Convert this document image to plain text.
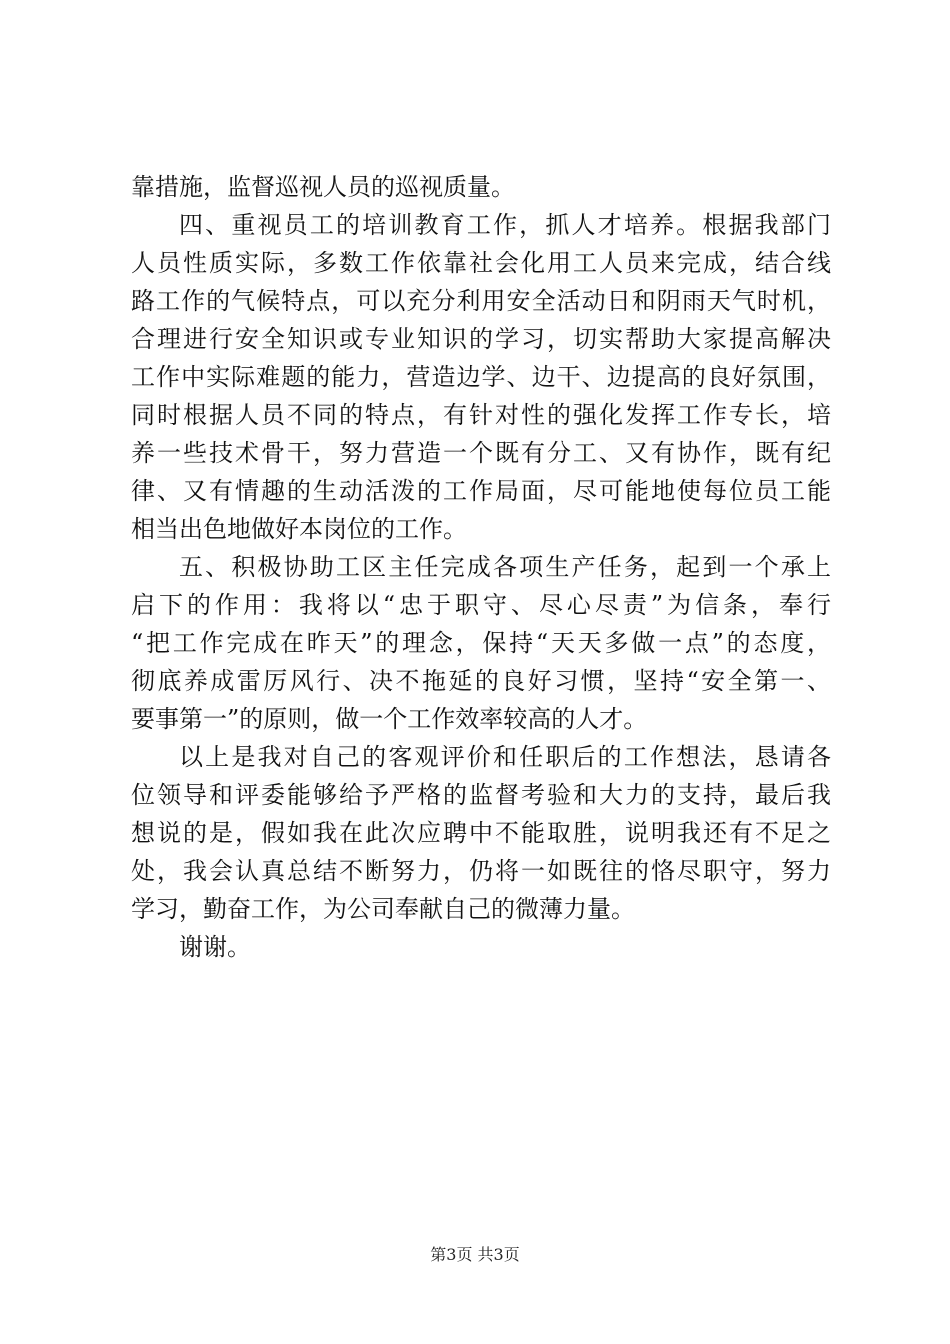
靠措施，监督巡视人员的巡视质量。
四、重视员工的培训教育工作，抓人才培养。根据我部门
人员性质实际，多数工作依靠社会化用工人员来完成，结合线
路工作的气候特点，可以充分利用安全活动日和阴雨天气时机，
合理进行安全知识或专业知识的学习，切实帮助大家提高解决
工作中实际难题的能力，营造边学、边干、边提高的良好氛围，
同时根据人员不同的特点，有针对性的强化发挥工作专长，培
养一些技术骨干，努力营造一个既有分工、又有协作，既有纪
律、又有情趣的生动活泼的工作局面，尽可能地使每位员工能
相当出色地做好本岗位的工作。
五、积极协助工区主任完成各项生产任务，起到一个承上
启下的作用：我将以“忠于职守、尽心尽责”为信条，奉行
“把工作完成在昨天”的理念，保持“天天多做一点”的态度，
彻底养成雷厉风行、决不拖延的良好习惯，坚持“安全第一、
要事第一”的原则，做一个工作效率较高的人才。
以上是我对自己的客观评价和任职后的工作想法，恳请各
位领导和评委能够给予严格的监督考验和大力的支持，最后我
想说的是，假如我在此次应聘中不能取胜，说明我还有不足之
处，我会认真总结不断努力，仍将一如既往的恪尽职守，努力
学习，勤奋工作，为公司奉献自己的微薄力量。
谢谢。
第3页 共3页
